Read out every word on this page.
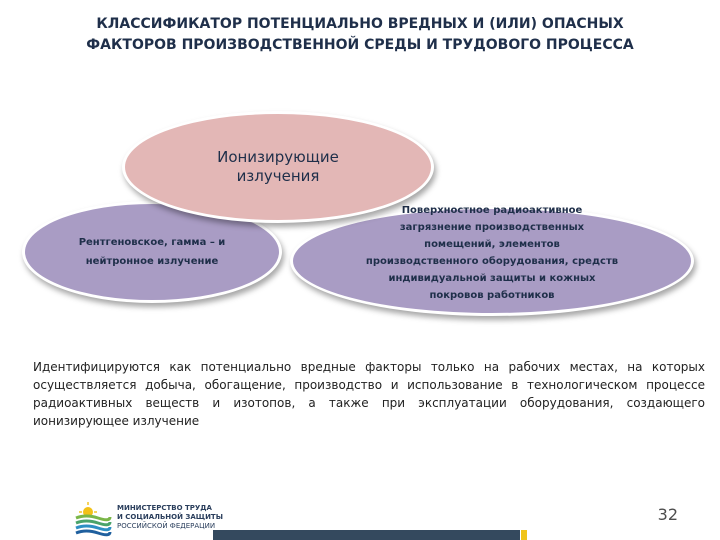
КЛАССИФИКАТОР ПОТЕНЦИАЛЬНО ВРЕДНЫХ И (ИЛИ) ОПАСНЫХ
ФАКТОРОВ ПРОИЗВОДСТВЕННОЙ СРЕДЫ И ТРУДОВОГО ПРОЦЕССА
Рентгеновское, гамма – и
нейтронное излучение
Поверхностное радиоактивное
загрязнение производственных
помещений, элементов
производственного оборудования, средств
индивидуальной защиты и кожных
покровов работников
Ионизирующие
излучения
Идентифицируются как потенциально вредные факторы только на рабочих местах, на которых
осуществляется добыча, обогащение, производство и использование в технологическом процессе
радиоактивных веществ и изотопов, а также при эксплуатации оборудования, создающего
ионизирующее излучение
МИНИСТЕРСТВО ТРУДА
И СОЦИАЛЬНОЙ ЗАЩИТЫ
РОССИЙСКОЙ ФЕДЕРАЦИИ
32
